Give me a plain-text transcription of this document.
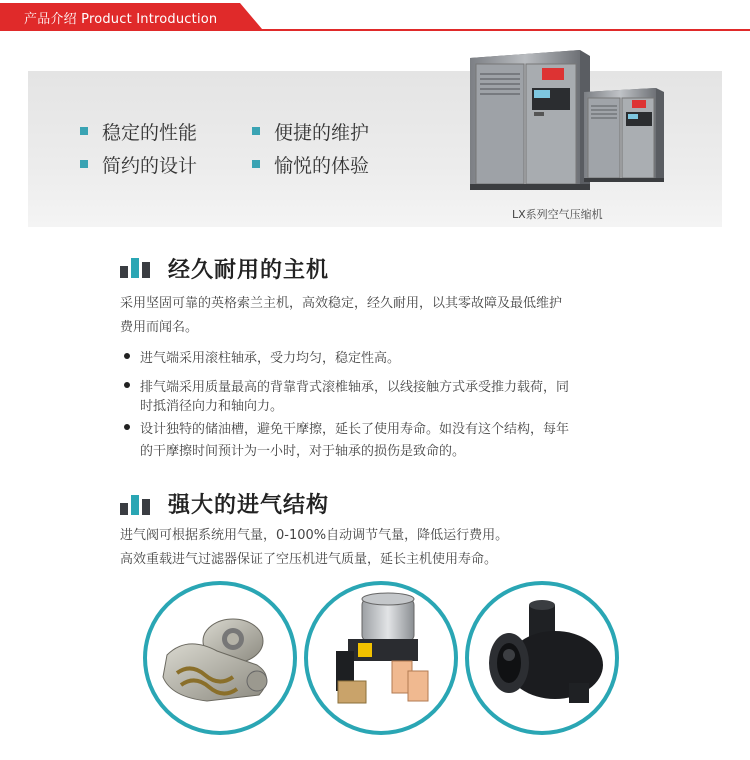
产品介绍 Product Introduction
稳定的性能	便捷的维护
简约的设计	愉悦的体验
LX系列空气压缩机
经久耐用的主机
采用坚固可靠的英格索兰主机，高效稳定，经久耐用，以其零故障及最低维护
费用而闻名。
进气端采用滚柱轴承，受力均匀，稳定性高。
排气端采用质量最高的背靠背式滚椎轴承，以线接触方式承受推力载荷，同
时抵消径向力和轴向力。
设计独特的储油槽，避免干摩擦，延长了使用寿命。如没有这个结构，每年
的干摩擦时间预计为一小时，对于轴承的损伤是致命的。
强大的进气结构
进气阀可根据系统用气量，0-100%自动调节气量，降低运行费用。
高效重载进气过滤器保证了空压机进气质量，延长主机使用寿命。
